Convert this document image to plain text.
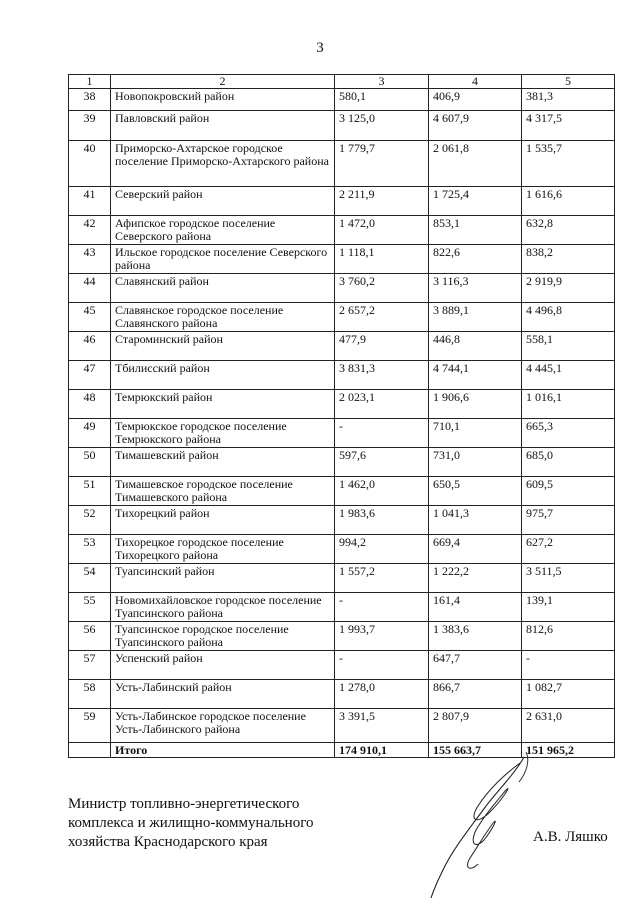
3
1	2	3	4	5
38	Новопокровский район	580,1	406,9	381,3
39	Павловский район	3 125,0	4 607,9	4 317,5
40	Приморско-Ахтарское городское поселение Приморско-Ахтарского района	1 779,7	2 061,8	1 535,7
41	Северский район	2 211,9	1 725,4	1 616,6
42	Афипское городское поселение Северского района	1 472,0	853,1	632,8
43	Ильское городское поселение Северского района	1 118,1	822,6	838,2
44	Славянский район	3 760,2	3 116,3	2 919,9
45	Славянское городское поселение Славянского района	2 657,2	3 889,1	4 496,8
46	Староминский район	477,9	446,8	558,1
47	Тбилисский район	3 831,3	4 744,1	4 445,1
48	Темрюкский район	2 023,1	1 906,6	1 016,1
49	Темрюкское городское поселение Темрюкского района	-	710,1	665,3
50	Тимашевский район	597,6	731,0	685,0
51	Тимашевское городское поселение Тимашевского района	1 462,0	650,5	609,5
52	Тихорецкий район	1 983,6	1 041,3	975,7
53	Тихорецкое городское поселение Тихорецкого района	994,2	669,4	627,2
54	Туапсинский район	1 557,2	1 222,2	3 511,5
55	Новомихайловское городское поселение Туапсинского района	-	161,4	139,1
56	Туапсинское городское поселение Туапсинского района	1 993,7	1 383,6	812,6
57	Успенский район	-	647,7	-
58	Усть-Лабинский район	1 278,0	866,7	1 082,7
59	Усть-Лабинское городское поселение Усть-Лабинского района	3 391,5	2 807,9	2 631,0
	Итого	174 910,1	155 663,7	151 965,2
Министр топливно-энергетического
комплекса и жилищно-коммунального
хозяйства Краснодарского края	А.В. Ляшко
